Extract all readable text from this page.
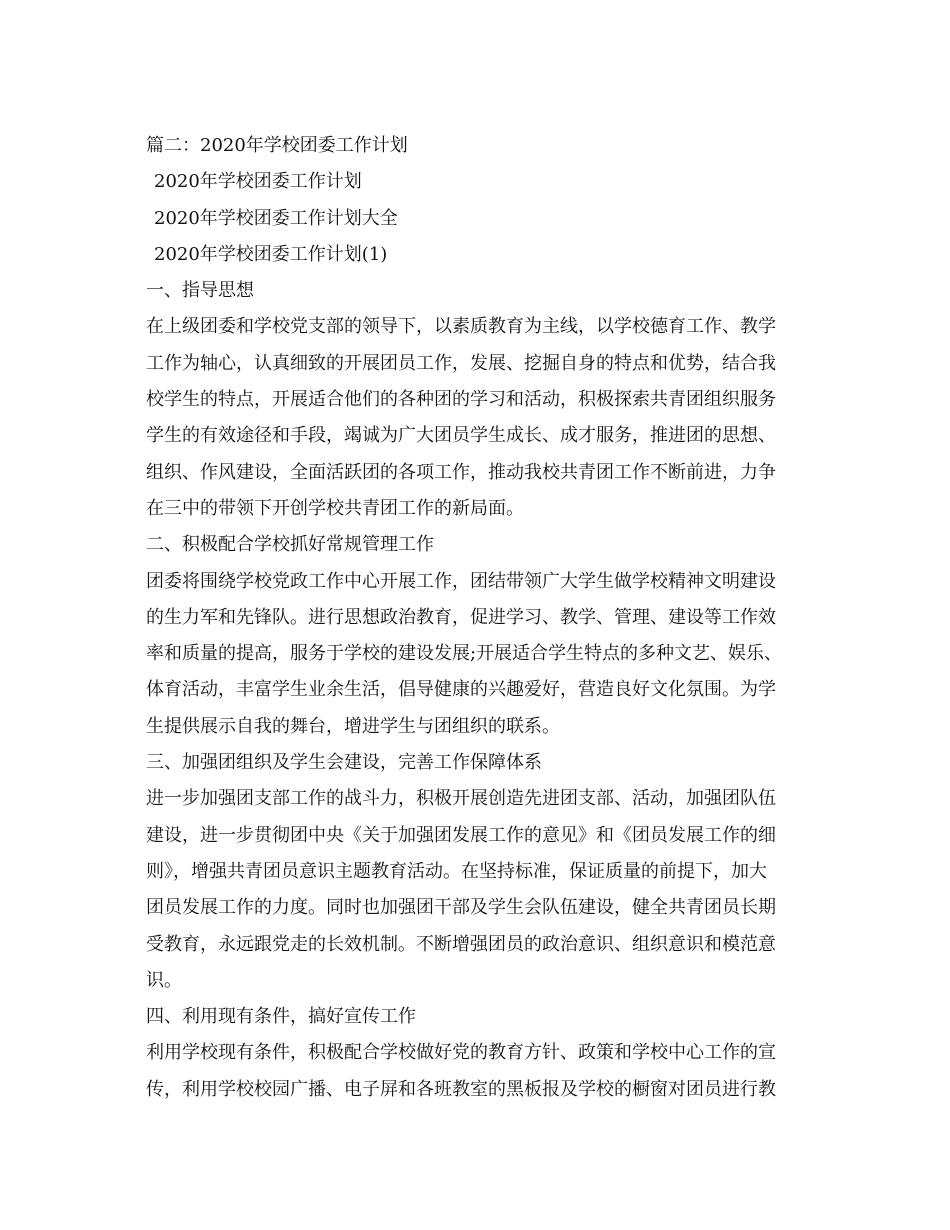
篇二：2020年学校团委工作计划
2020年学校团委工作计划
2020年学校团委工作计划大全
2020年学校团委工作计划(1)
一、指导思想
在上级团委和学校党支部的领导下，以素质教育为主线，以学校德育工作、教学
工作为轴心，认真细致的开展团员工作，发展、挖掘自身的特点和优势，结合我
校学生的特点，开展适合他们的各种团的学习和活动，积极探索共青团组织服务
学生的有效途径和手段，竭诚为广大团员学生成长、成才服务，推进团的思想、
组织、作风建设，全面活跃团的各项工作，推动我校共青团工作不断前进，力争
在三中的带领下开创学校共青团工作的新局面。
二、积极配合学校抓好常规管理工作
团委将围绕学校党政工作中心开展工作，团结带领广大学生做学校精神文明建设
的生力军和先锋队。进行思想政治教育，促进学习、教学、管理、建设等工作效
率和质量的提高，服务于学校的建设发展;开展适合学生特点的多种文艺、娱乐、
体育活动，丰富学生业余生活，倡导健康的兴趣爱好，营造良好文化氛围。为学
生提供展示自我的舞台，增进学生与团组织的联系。
三、加强团组织及学生会建设，完善工作保障体系
进一步加强团支部工作的战斗力，积极开展创造先进团支部、活动，加强团队伍
建设，进一步贯彻团中央《关于加强团发展工作的意见》和《团员发展工作的细
则》，增强共青团员意识主题教育活动。在坚持标准，保证质量的前提下，加大
团员发展工作的力度。同时也加强团干部及学生会队伍建设，健全共青团员长期
受教育，永远跟党走的长效机制。不断增强团员的政治意识、组织意识和模范意
识。
四、利用现有条件，搞好宣传工作
利用学校现有条件，积极配合学校做好党的教育方针、政策和学校中心工作的宣
传，利用学校校园广播、电子屏和各班教室的黑板报及学校的橱窗对团员进行教
